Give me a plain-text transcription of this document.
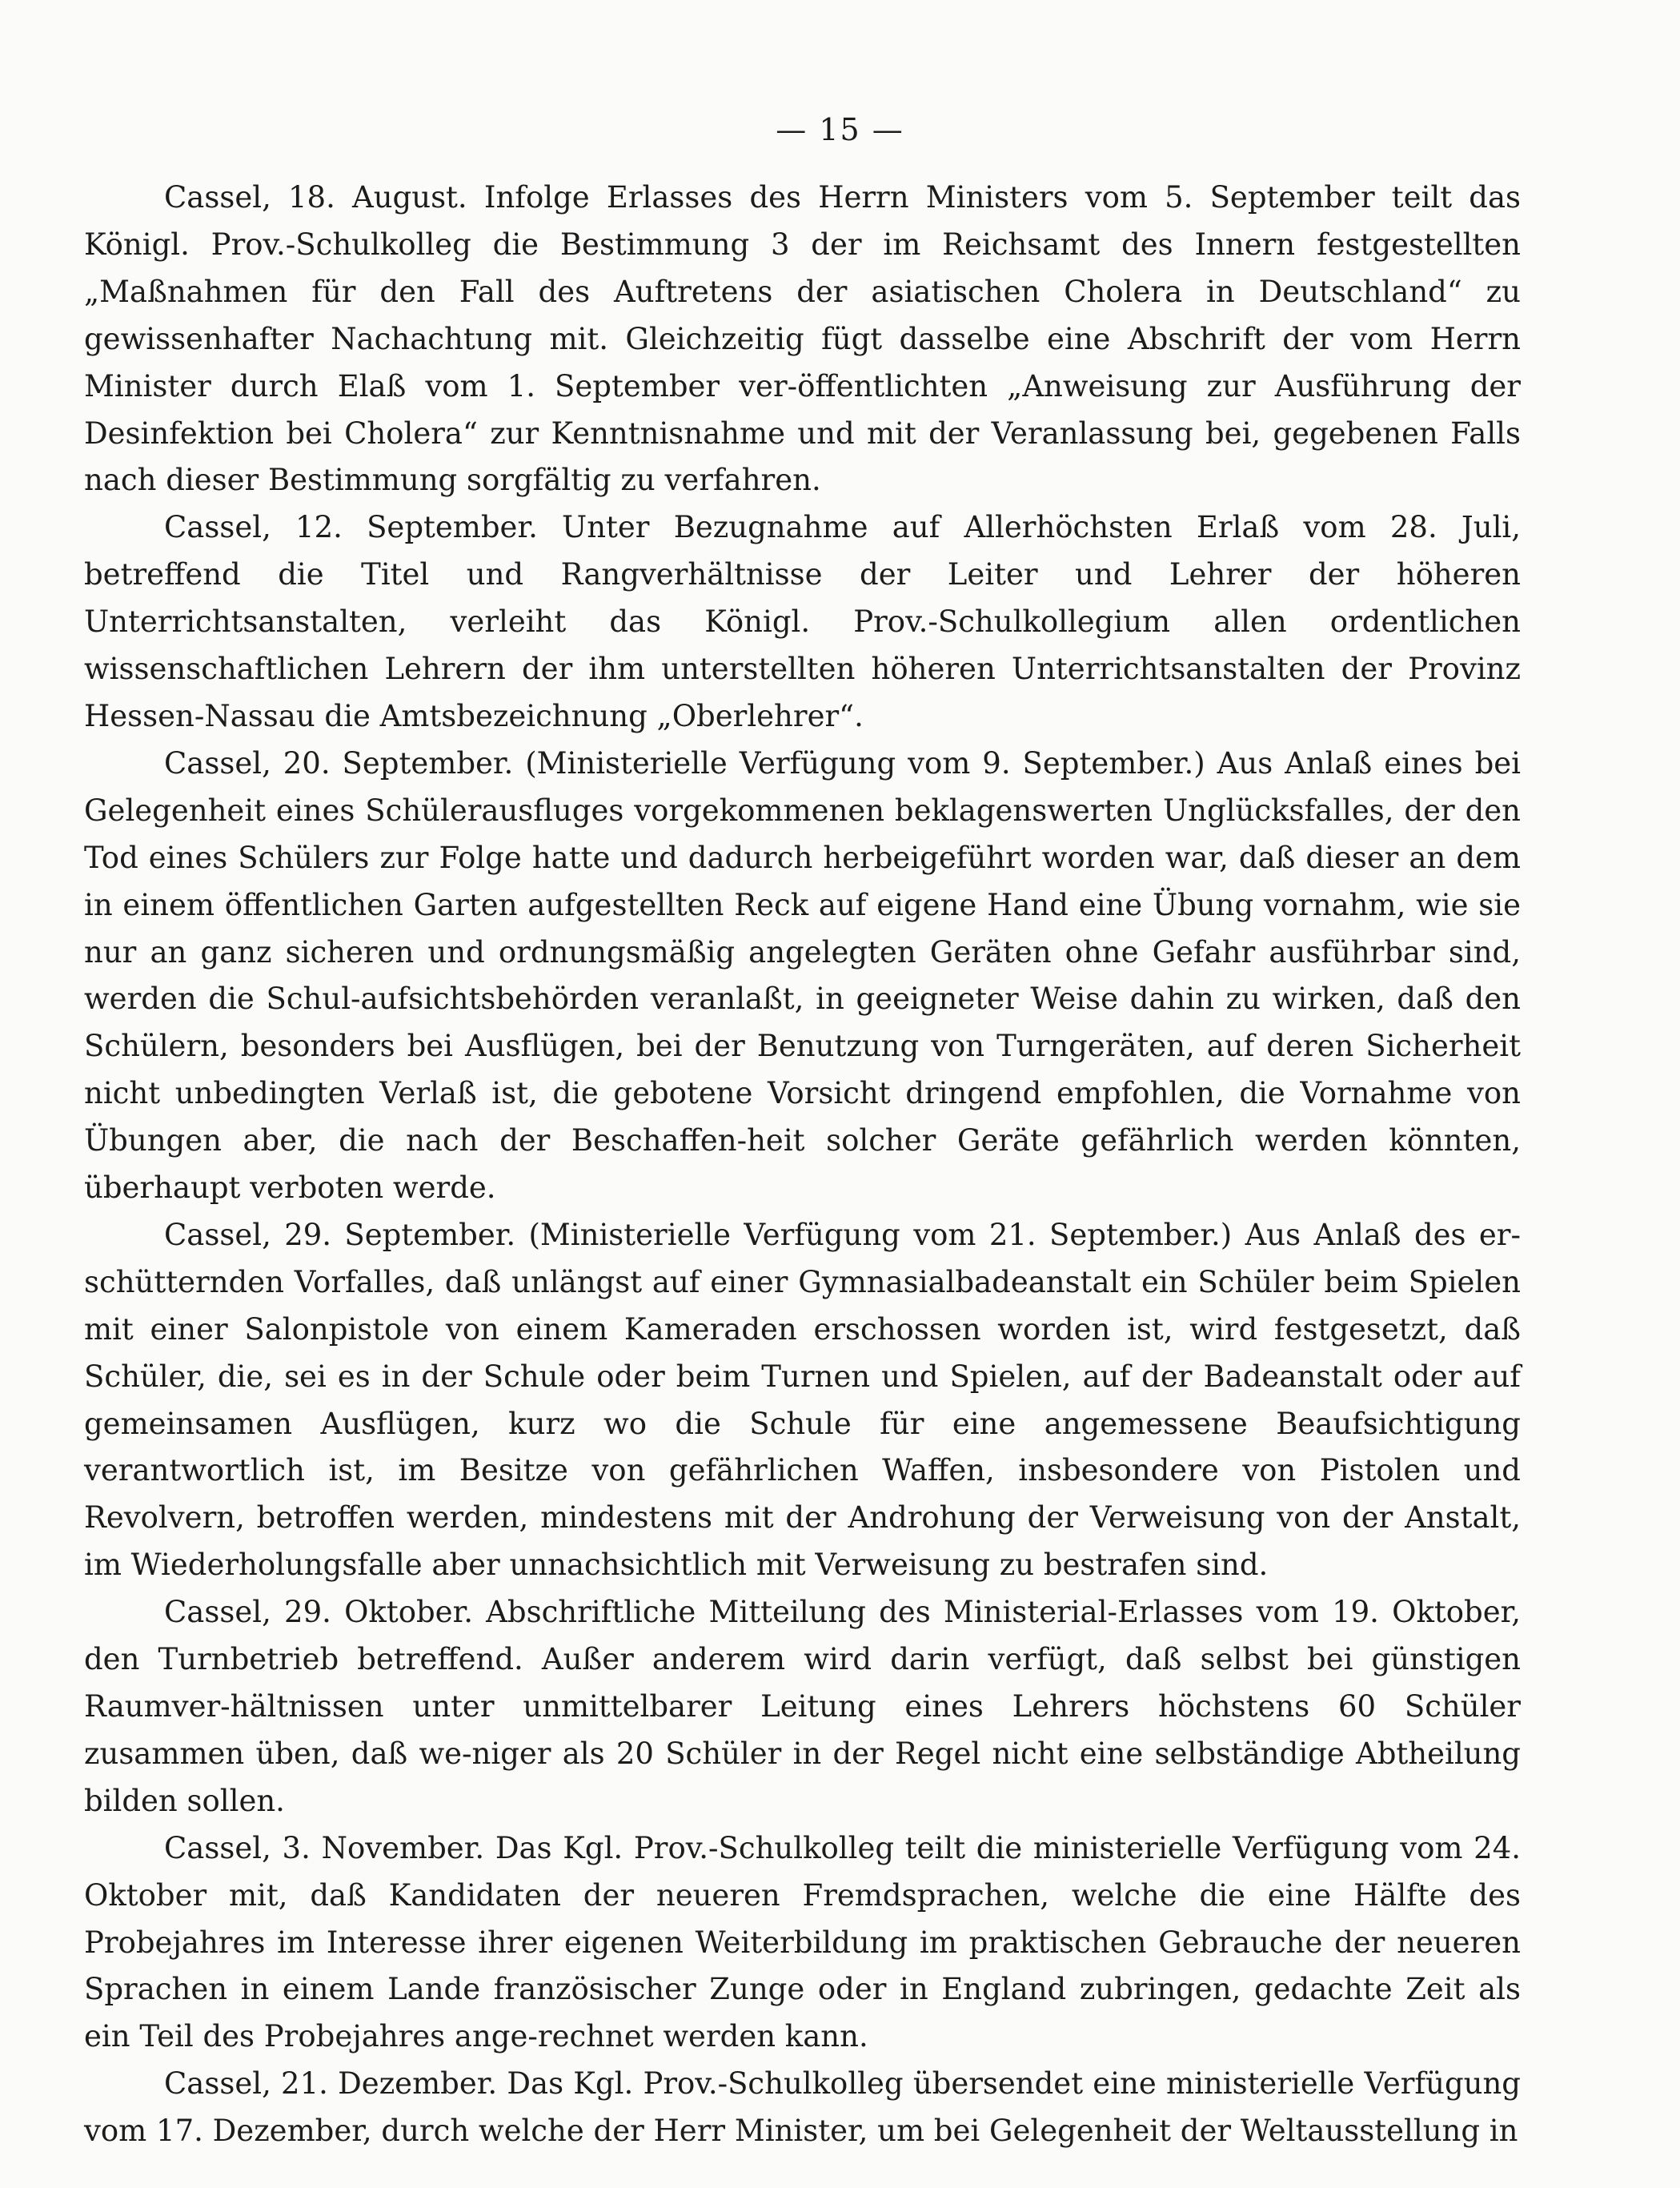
— 15 —

Cassel, 18. August. Infolge Erlasses des Herrn Ministers vom 5. September teilt das Königl. Prov.-Schulkolleg die Bestimmung 3 der im Reichsamt des Innern festgestellten „Maßnahmen für den Fall des Auftretens der asiatischen Cholera in Deutschland“ zu gewissenhafter Nachachtung mit. Gleichzeitig fügt dasselbe eine Abschrift der vom Herrn Minister durch Elaß vom 1. September ver-öffentlichten „Anweisung zur Ausführung der Desinfektion bei Cholera“ zur Kenntnisnahme und mit der Veranlassung bei, gegebenen Falls nach dieser Bestimmung sorgfältig zu verfahren.

Cassel, 12. September. Unter Bezugnahme auf Allerhöchsten Erlaß vom 28. Juli, betreffend die Titel und Rangverhältnisse der Leiter und Lehrer der höheren Unterrichtsanstalten, verleiht das Königl. Prov.-Schulkollegium allen ordentlichen wissenschaftlichen Lehrern der ihm unterstellten höheren Unterrichtsanstalten der Provinz Hessen-Nassau die Amtsbezeichnung „Oberlehrer“.

Cassel, 20. September. (Ministerielle Verfügung vom 9. September.) Aus Anlaß eines bei Gelegenheit eines Schülerausfluges vorgekommenen beklagenswerten Unglücksfalles, der den Tod eines Schülers zur Folge hatte und dadurch herbeigeführt worden war, daß dieser an dem in einem öffentlichen Garten aufgestellten Reck auf eigene Hand eine Übung vornahm, wie sie nur an ganz sicheren und ordnungsmäßig angelegten Geräten ohne Gefahr ausführbar sind, werden die Schul-aufsichtsbehörden veranlaßt, in geeigneter Weise dahin zu wirken, daß den Schülern, besonders bei Ausflügen, bei der Benutzung von Turngeräten, auf deren Sicherheit nicht unbedingten Verlaß ist, die gebotene Vorsicht dringend empfohlen, die Vornahme von Übungen aber, die nach der Beschaffen-heit solcher Geräte gefährlich werden könnten, überhaupt verboten werde.

Cassel, 29. September. (Ministerielle Verfügung vom 21. September.) Aus Anlaß des er-schütternden Vorfalles, daß unlängst auf einer Gymnasialbadeanstalt ein Schüler beim Spielen mit einer Salonpistole von einem Kameraden erschossen worden ist, wird festgesetzt, daß Schüler, die, sei es in der Schule oder beim Turnen und Spielen, auf der Badeanstalt oder auf gemeinsamen Ausflügen, kurz wo die Schule für eine angemessene Beaufsichtigung verantwortlich ist, im Besitze von gefährlichen Waffen, insbesondere von Pistolen und Revolvern, betroffen werden, mindestens mit der Androhung der Verweisung von der Anstalt, im Wiederholungsfalle aber unnachsichtlich mit Verweisung zu bestrafen sind.

Cassel, 29. Oktober. Abschriftliche Mitteilung des Ministerial-Erlasses vom 19. Oktober, den Turnbetrieb betreffend. Außer anderem wird darin verfügt, daß selbst bei günstigen Raumver-hältnissen unter unmittelbarer Leitung eines Lehrers höchstens 60 Schüler zusammen üben, daß we-niger als 20 Schüler in der Regel nicht eine selbständige Abtheilung bilden sollen.

Cassel, 3. November. Das Kgl. Prov.-Schulkolleg teilt die ministerielle Verfügung vom 24. Oktober mit, daß Kandidaten der neueren Fremdsprachen, welche die eine Hälfte des Probejahres im Interesse ihrer eigenen Weiterbildung im praktischen Gebrauche der neueren Sprachen in einem Lande französischer Zunge oder in England zubringen, gedachte Zeit als ein Teil des Probejahres ange-rechnet werden kann.

Cassel, 21. Dezember. Das Kgl. Prov.-Schulkolleg übersendet eine ministerielle Verfügung vom 17. Dezember, durch welche der Herr Minister, um bei Gelegenheit der Weltausstellung in
